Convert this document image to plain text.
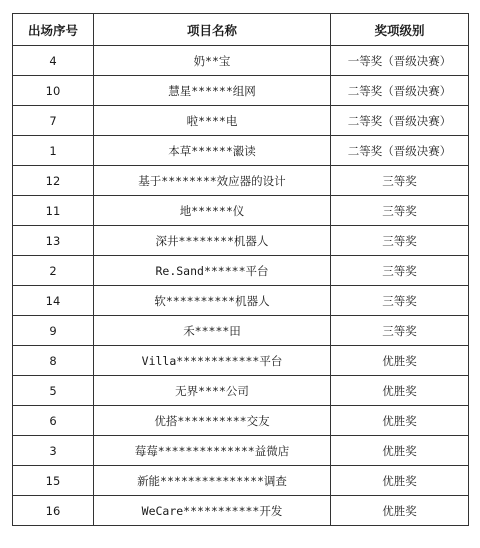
出场序号	项目名称	奖项级别
4	奶**宝	一等奖（晋级决赛）
10	慧星******组网	二等奖（晋级决赛）
7	啦****电	二等奖（晋级决赛）
1	本草******瀫读	二等奖（晋级决赛）
12	基于********效应器的设计	三等奖
11	地******仪	三等奖
13	深井********机器人	三等奖
2	Re.Sand******平台	三等奖
14	软**********机器人	三等奖
9	禾*****田	三等奖
8	Villa************平台	优胜奖
5	无界****公司	优胜奖
6	优搭**********交友	优胜奖
3	莓莓**************益微店	优胜奖
15	新能***************调查	优胜奖
16	WeCare***********开发	优胜奖
